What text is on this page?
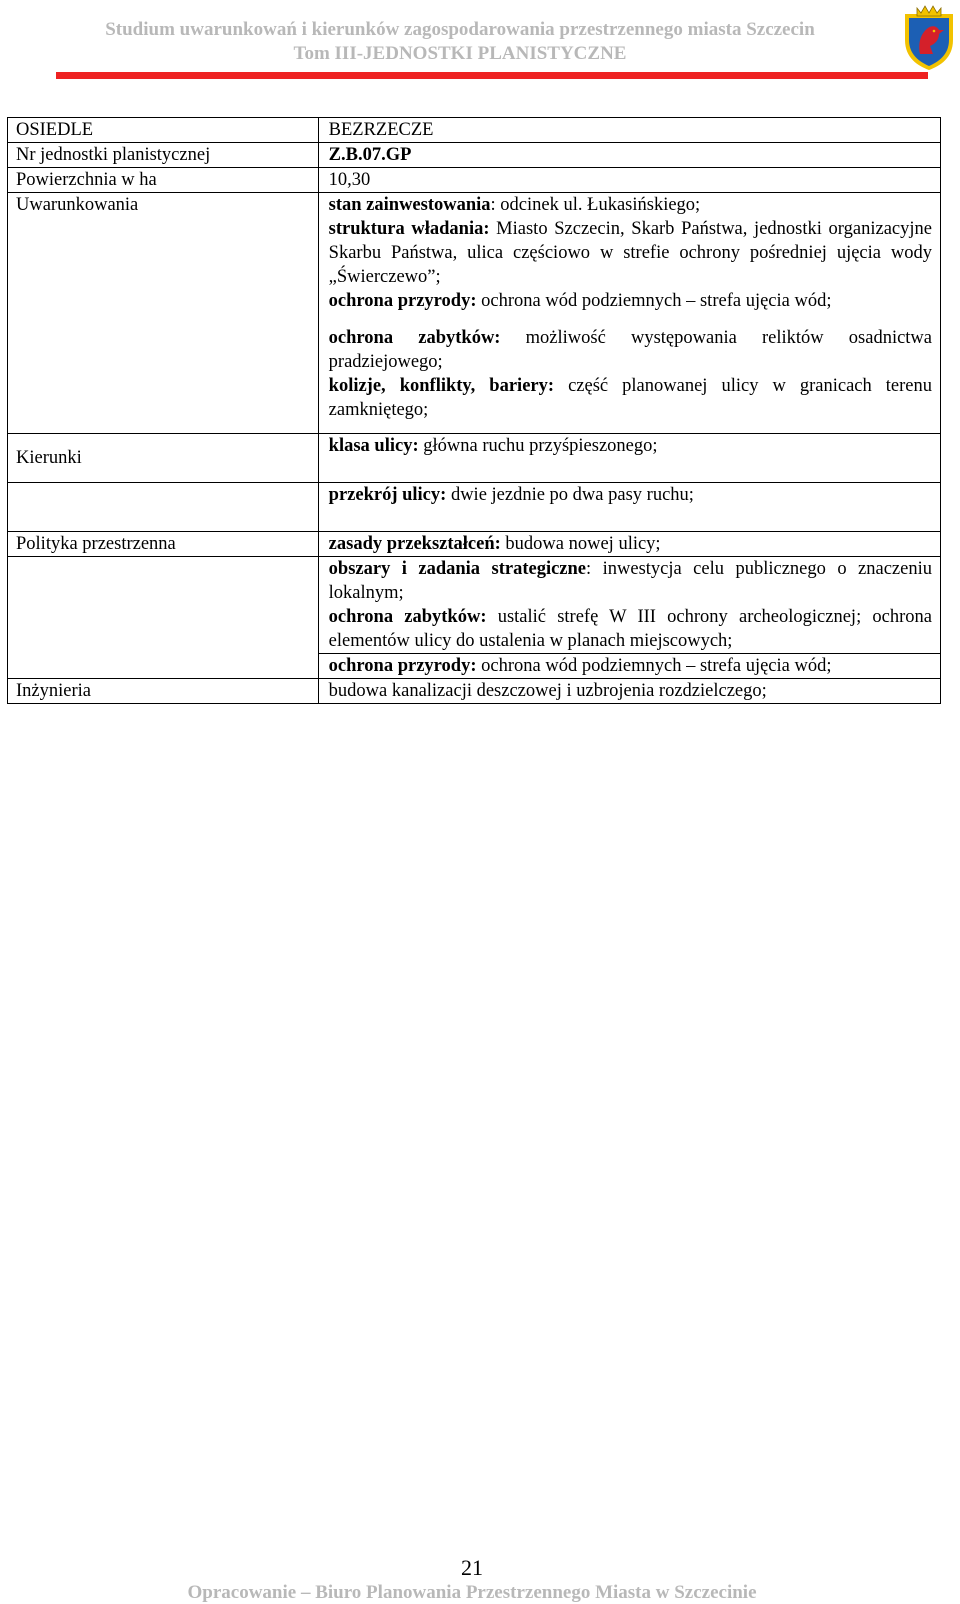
Studium uwarunkowań i kierunków zagospodarowania przestrzennego miasta Szczecin
Tom III-JEDNOSTKI PLANISTYCZNE
OSIEDLE	BEZRZECZE
Nr jednostki planistycznej	Z.B.07.GP
Powierzchnia w ha	10,30
Uwarunkowania	stan zainwestowania: odcinek ul. Łukasińskiego;
struktura władania: Miasto Szczecin, Skarb Państwa, jednostki organizacyjne Skarbu Państwa, ulica częściowo w strefie ochrony pośredniej ujęcia wody „Świerczewo”;
ochrona przyrody: ochrona wód podziemnych – strefa ujęcia wód;
ochrona zabytków: możliwość występowania reliktów osadnictwa pradziejowego;
kolizje, konflikty, bariery: część planowanej ulicy w granicach terenu zamkniętego;

Kierunki	klasa ulicy: główna ruchu przyśpieszonego;

	przekrój ulicy: dwie jezdnie po dwa pasy ruchu;

Polityka przestrzenna	zasady przekształceń: budowa nowej ulicy;

	obszary i zadania strategiczne: inwestycja celu publicznego o znaczeniu lokalnym;
ochrona zabytków: ustalić strefę W III ochrony archeologicznej; ochrona elementów ulicy do ustalenia w planach miejscowych;

	ochrona przyrody: ochrona wód podziemnych – strefa ujęcia wód;

Inżynieria	budowa kanalizacji deszczowej i uzbrojenia rozdzielczego;
21
Opracowanie – Biuro Planowania Przestrzennego Miasta w Szczecinie
